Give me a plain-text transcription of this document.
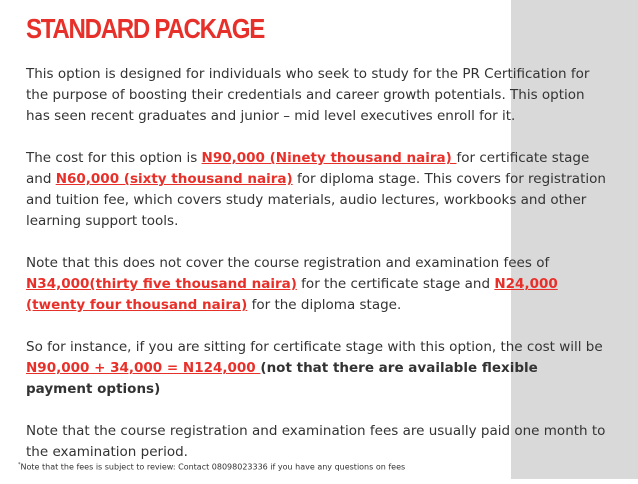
STANDARD PACKAGE

This option is designed for individuals who seek to study for the PR Certification for the purpose of boosting their credentials and career growth potentials. This option has seen recent graduates and junior – mid level executives enroll for it.

The cost for this option is N90,000 (Ninety thousand naira) for certificate stage and N60,000 (sixty thousand naira) for diploma stage. This covers for registration and tuition fee, which covers study materials, audio lectures, workbooks and other learning support tools.

Note that this does not cover the course registration and examination fees of N34,000(thirty five thousand naira) for the certificate stage and N24,000 (twenty four thousand naira) for the diploma stage.

So for instance, if you are sitting for certificate stage with this option, the cost will be N90,000 + 34,000 = N124,000 (not that there are available flexible payment options)

Note that the course registration and examination fees are usually paid one month to the examination period.

*Note that the fees is subject to review: Contact 08098023336 if you have any questions on fees
